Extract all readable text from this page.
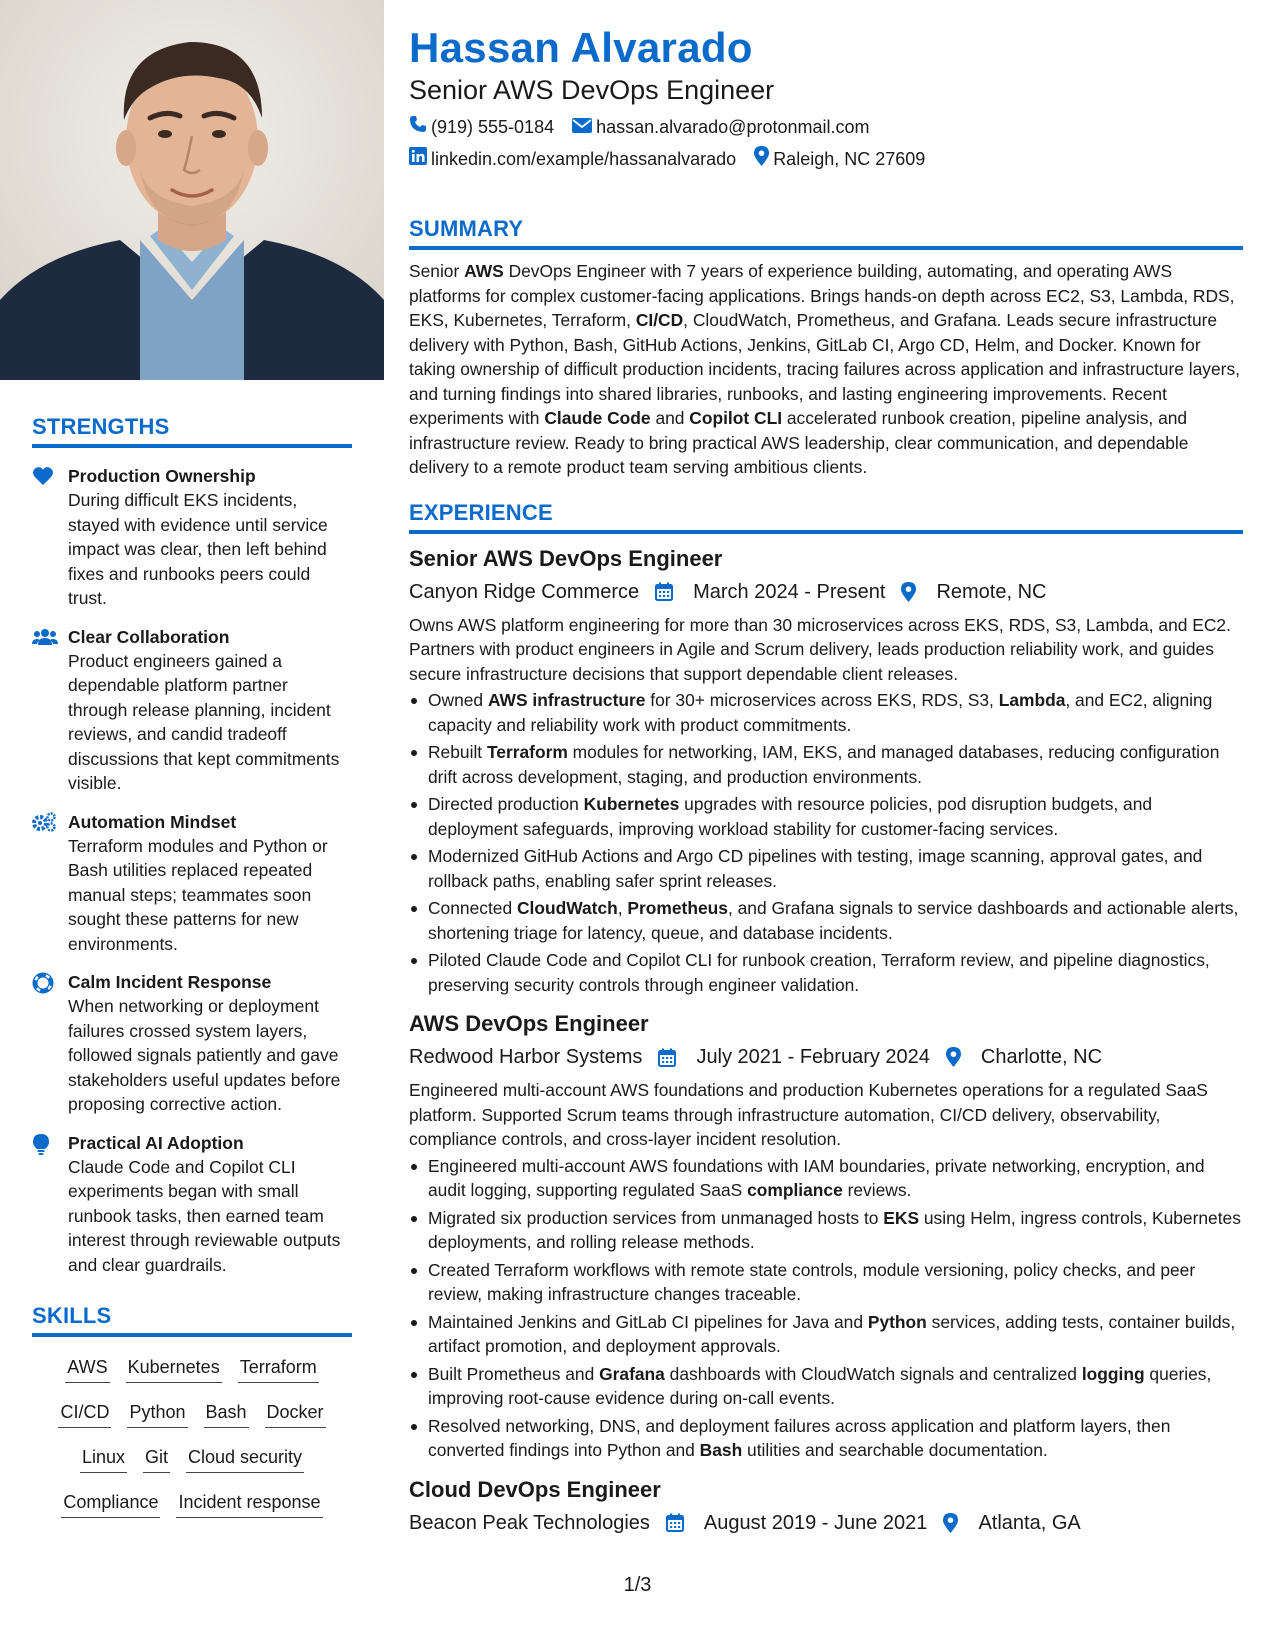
STRENGTHS
Production Ownership
During difficult EKS incidents, stayed with evidence until service impact was clear, then left behind fixes and runbooks peers could trust.
Clear Collaboration
Product engineers gained a dependable platform partner through release planning, incident reviews, and candid tradeoff discussions that kept commitments visible.
Automation Mindset
Terraform modules and Python or Bash utilities replaced repeated manual steps; teammates soon sought these patterns for new environments.
Calm Incident Response
When networking or deployment failures crossed system layers, followed signals patiently and gave stakeholders useful updates before proposing corrective action.
Practical AI Adoption
Claude Code and Copilot CLI experiments began with small runbook tasks, then earned team interest through reviewable outputs and clear guardrails.
SKILLS
AWS Kubernetes Terraform
CI/CD Python Bash Docker
Linux Git Cloud security
Compliance Incident response
Hassan Alvarado
Senior AWS DevOps Engineer
(919) 555-0184 hassan.alvarado@protonmail.com
linkedin.com/example/hassanalvarado Raleigh, NC 27609
SUMMARY
Senior AWS DevOps Engineer with 7 years of experience building, automating, and operating AWS platforms for complex customer-facing applications. Brings hands-on depth across EC2, S3, Lambda, RDS, EKS, Kubernetes, Terraform, CI/CD, CloudWatch, Prometheus, and Grafana. Leads secure infrastructure delivery with Python, Bash, GitHub Actions, Jenkins, GitLab CI, Argo CD, Helm, and Docker. Known for taking ownership of difficult production incidents, tracing failures across application and infrastructure layers, and turning findings into shared libraries, runbooks, and lasting engineering improvements. Recent experiments with Claude Code and Copilot CLI accelerated runbook creation, pipeline analysis, and infrastructure review. Ready to bring practical AWS leadership, clear communication, and dependable delivery to a remote product team serving ambitious clients.
EXPERIENCE
Senior AWS DevOps Engineer
Canyon Ridge Commerce	March 2024 - Present	Remote, NC
Owns AWS platform engineering for more than 30 microservices across EKS, RDS, S3, Lambda, and EC2. Partners with product engineers in Agile and Scrum delivery, leads production reliability work, and guides secure infrastructure decisions that support dependable client releases.
Owned AWS infrastructure for 30+ microservices across EKS, RDS, S3, Lambda, and EC2, aligning capacity and reliability work with product commitments.
Rebuilt Terraform modules for networking, IAM, EKS, and managed databases, reducing configuration drift across development, staging, and production environments.
Directed production Kubernetes upgrades with resource policies, pod disruption budgets, and deployment safeguards, improving workload stability for customer-facing services.
Modernized GitHub Actions and Argo CD pipelines with testing, image scanning, approval gates, and rollback paths, enabling safer sprint releases.
Connected CloudWatch, Prometheus, and Grafana signals to service dashboards and actionable alerts, shortening triage for latency, queue, and database incidents.
Piloted Claude Code and Copilot CLI for runbook creation, Terraform review, and pipeline diagnostics, preserving security controls through engineer validation.
AWS DevOps Engineer
Redwood Harbor Systems	July 2021 - February 2024	Charlotte, NC
Engineered multi-account AWS foundations and production Kubernetes operations for a regulated SaaS platform. Supported Scrum teams through infrastructure automation, CI/CD delivery, observability, compliance controls, and cross-layer incident resolution.
Engineered multi-account AWS foundations with IAM boundaries, private networking, encryption, and audit logging, supporting regulated SaaS compliance reviews.
Migrated six production services from unmanaged hosts to EKS using Helm, ingress controls, Kubernetes deployments, and rolling release methods.
Created Terraform workflows with remote state controls, module versioning, policy checks, and peer review, making infrastructure changes traceable.
Maintained Jenkins and GitLab CI pipelines for Java and Python services, adding tests, container builds, artifact promotion, and deployment approvals.
Built Prometheus and Grafana dashboards with CloudWatch signals and centralized logging queries, improving root-cause evidence during on-call events.
Resolved networking, DNS, and deployment failures across application and platform layers, then converted findings into Python and Bash utilities and searchable documentation.
Cloud DevOps Engineer
Beacon Peak Technologies	August 2019 - June 2021	Atlanta, GA
1/3
